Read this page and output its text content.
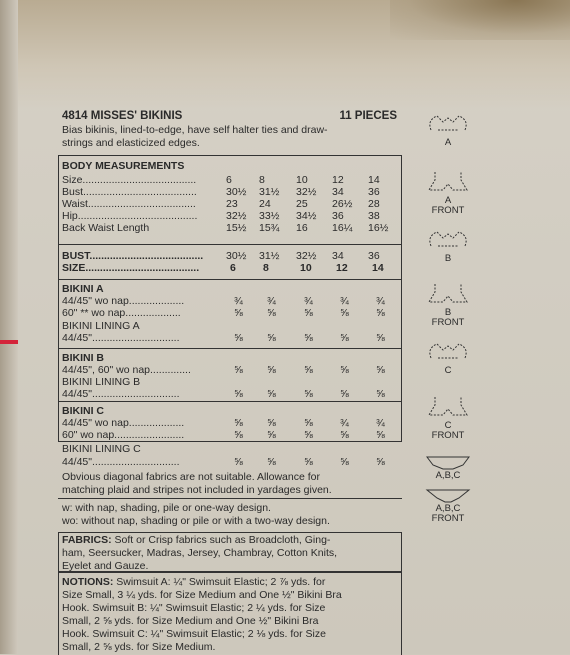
4814 MISSES' BIKINIS	11 PIECES
Bias bikinis, lined-to-edge, have self halter ties and draw-
strings and elasticized edges.
BODY MEASUREMENTS
Size.......................................	6	8	10 12 14
Bust.......................................	30½ 31½ 32½ 34 36
Waist.....................................	23 24 25 26½ 28
Hip.........................................	32½ 33½ 34½ 36 38
Back Waist Length	15½ 15¾ 16 16¼ 16½
BUST....................................... 30½ 31½ 32½ 34 36
SIZE.......................................	6	8	10 12 14
BIKINI A
44/45" wo nap...................	¾ ¾	¾	¾	¾
60" ** wo nap...................	⅝ ⅝	⅝	⅝	⅝
BIKINI LINING A
44/45"..............................	⅝ ⅝	⅝	⅝	⅝
BIKINI B
44/45", 60" wo nap..............	⅝ ⅝	⅝	⅝	⅝
BIKINI LINING B
44/45"..............................	⅝ ⅝	⅝	⅝	⅝
BIKINI C
44/45" wo nap...................	⅝ ⅝	⅝	¾	¾
60" wo nap........................	⅝ ⅝	⅝	⅝	⅝
BIKINI LINING C
44/45"..............................	⅝ ⅝	⅝	⅝	⅝
Obvious diagonal fabrics are not suitable. Allowance for
matching plaid and stripes not included in yardages given.
w: with nap, shading, pile or one-way design.
wo: without nap, shading or pile or with a two-way design.
FABRICS: Soft or Crisp fabrics such as Broadcloth, Ging-
ham, Seersucker, Madras, Jersey, Chambray, Cotton Knits,
Eyelet and Gauze.
NOTIONS: Swimsuit A: ¼" Swimsuit Elastic; 2 ⅞ yds. for
Size Small, 3 ¼ yds. for Size Medium and One ½" Bikini Bra
Hook. Swimsuit B: ¼" Swimsuit Elastic; 2 ¼ yds. for Size
Small, 2 ⅝ yds. for Size Medium and One ½" Bikini Bra
Hook. Swimsuit C: ¼" Swimsuit Elastic; 2 ⅛ yds. for Size
Small, 2 ⅝ yds. for Size Medium.
A
A
FRONT
B
B
FRONT
C
C
FRONT
A,B,C
A,B,C
FRONT
